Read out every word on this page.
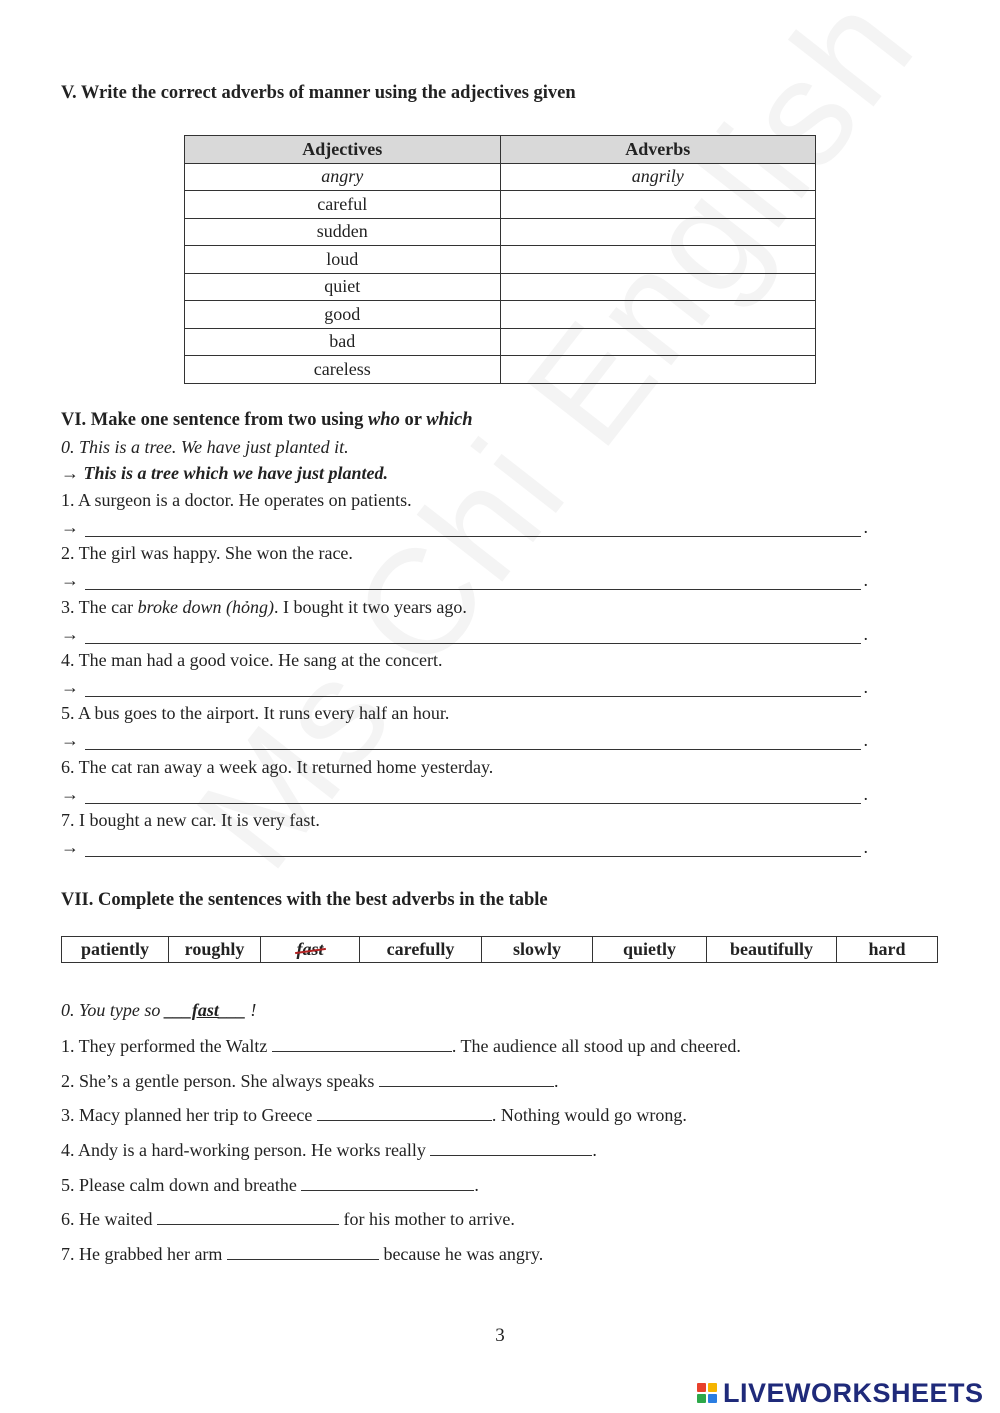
V. Write the correct adverbs of manner using the adjectives given
Adjectives	Adverbs
angry	angrily
careful	
sudden	
loud	
quiet	
good	
bad	
careless	
VI. Make one sentence from two using who or which
0. This is a tree. We have just planted it.
→ This is a tree which we have just planted.
1. A surgeon is a doctor. He operates on patients.
→	.
2. The girl was happy. She won the race.
→	.
3. The car broke down (hỏng). I bought it two years ago.
→	.
4. The man had a good voice. He sang at the concert.
→	.
5. A bus goes to the airport. It runs every half an hour.
→	.
6. The cat ran away a week ago. It returned home yesterday.
→	.
7. I bought a new car. It is very fast.
→	.
VII. Complete the sentences with the best adverbs in the table
patiently	roughly	fast	carefully	slowly	quietly	beautifully	hard
0. You type so ___fast___ !
1. They performed the Waltz	. The audience all stood up and cheered.
2. She’s a gentle person. She always speaks	.
3. Macy planned her trip to Greece	. Nothing would go wrong.
4. Andy is a hard-working person. He works really	.
5. Please calm down and breathe	.
6. He waited	for his mother to arrive.
7. He grabbed her arm	because he was angry.
3
LIVEWORKSHEETS
